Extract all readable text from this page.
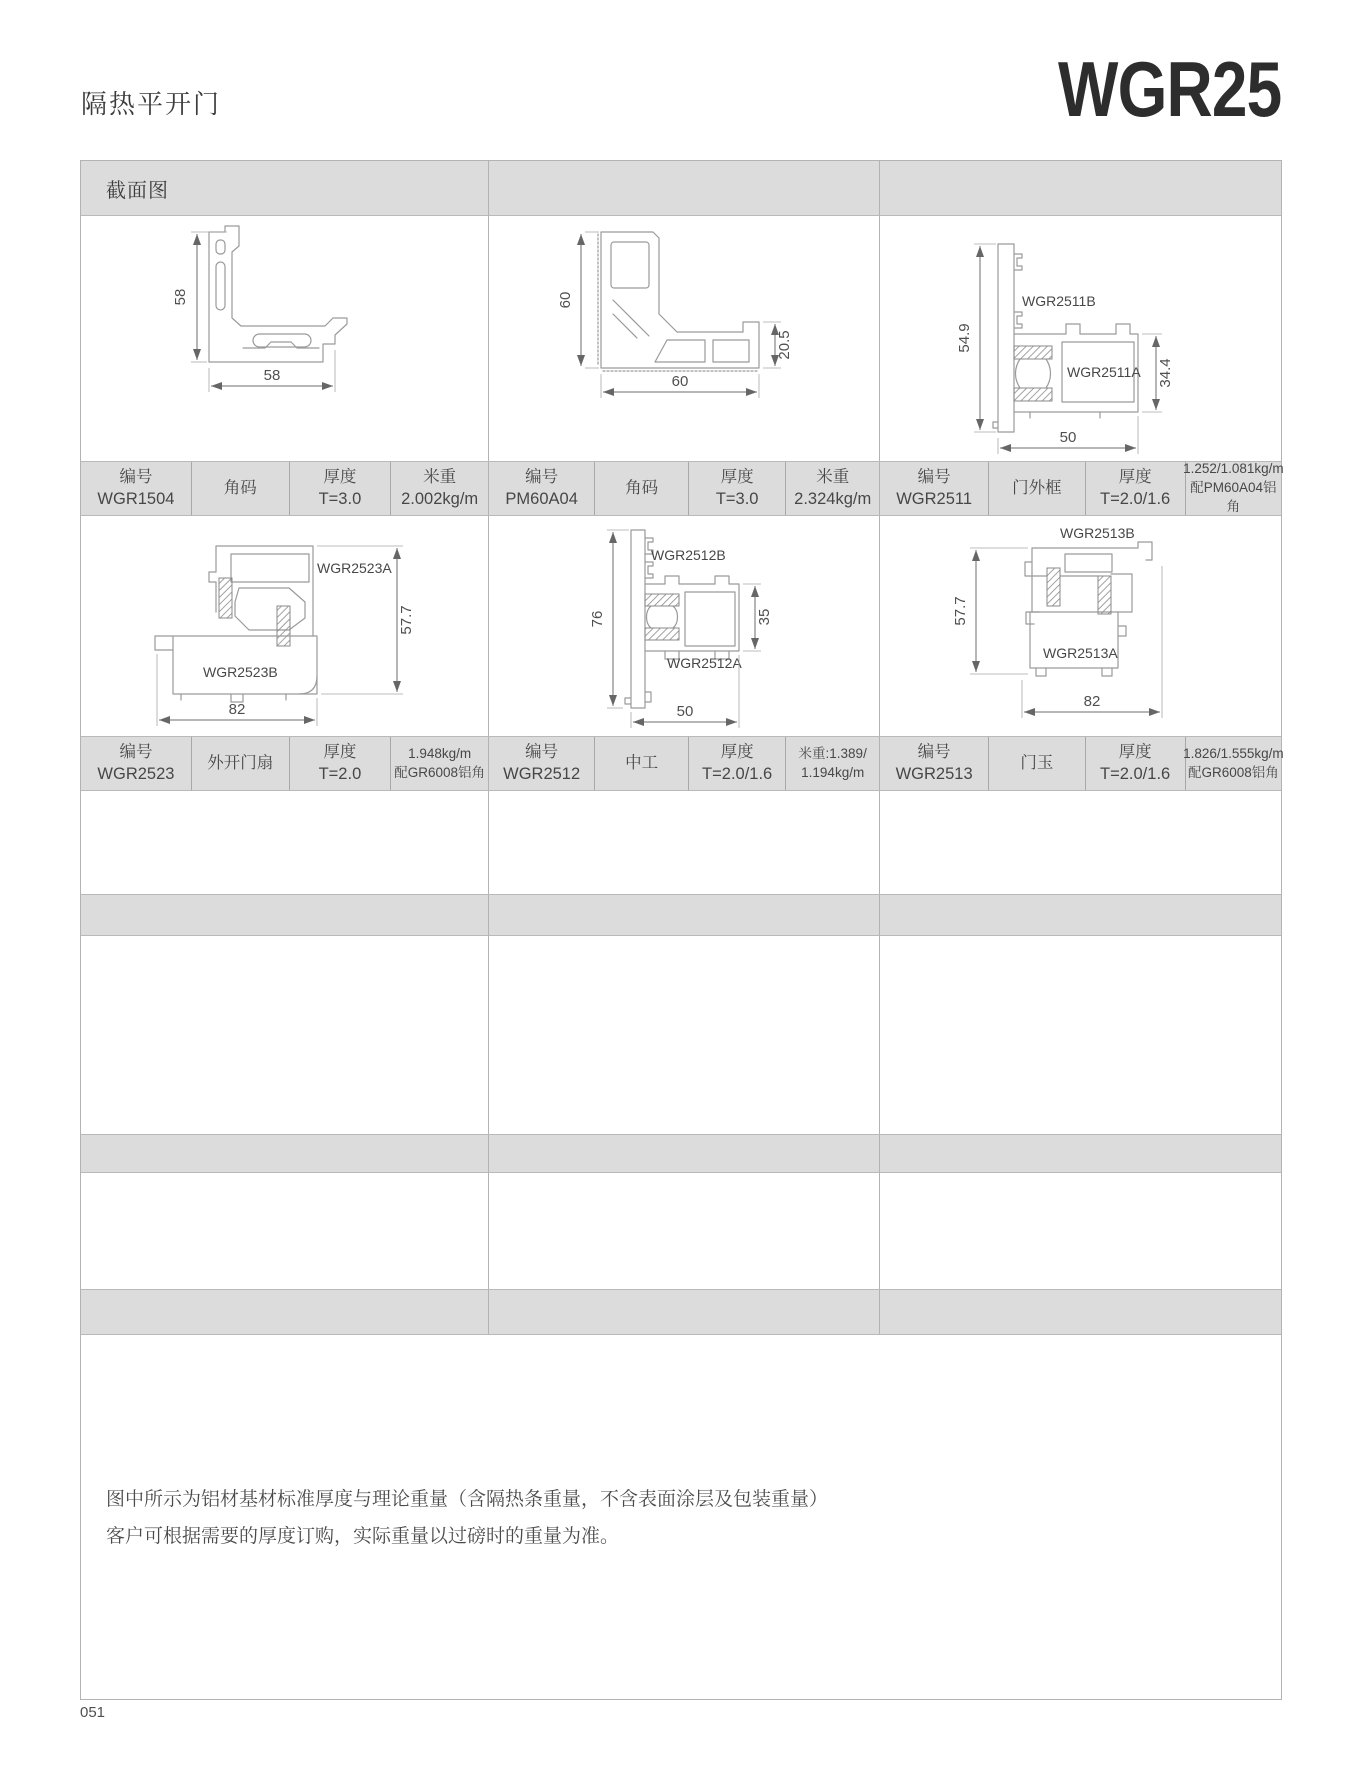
隔热平开门	WGR25
截面图
58
58
60
60
20.5
WGR2511B
WGR2511A
54.9
34.4
50
编号
WGR1504
角码
厚度
T=3.0
米重
2.002kg/m
编号
PM60A04
角码
厚度
T=3.0
米重
2.324kg/m
编号
WGR2511
门外框
厚度
T=2.0/1.6
1.252/1.081kg/m
配PM60A04铝角
WGR2523A
WGR2523B
57.7
82
WGR2512B
WGR2512A
76	35
50
WGR2513B
WGR2513A
57.7
82
编号
WGR2523
外开门扇
厚度
T=2.0
1.948kg/m
配GR6008铝角
编号
WGR2512
中工
厚度
T=2.0/1.6
米重:1.389/
1.194kg/m
编号
WGR2513
门玉
厚度
T=2.0/1.6
1.826/1.555kg/m
配GR6008铝角
图中所示为铝材基材标准厚度与理论重量（含隔热条重量，不含表面涂层及包装重量）
客户可根据需要的厚度订购，实际重量以过磅时的重量为准。
051
